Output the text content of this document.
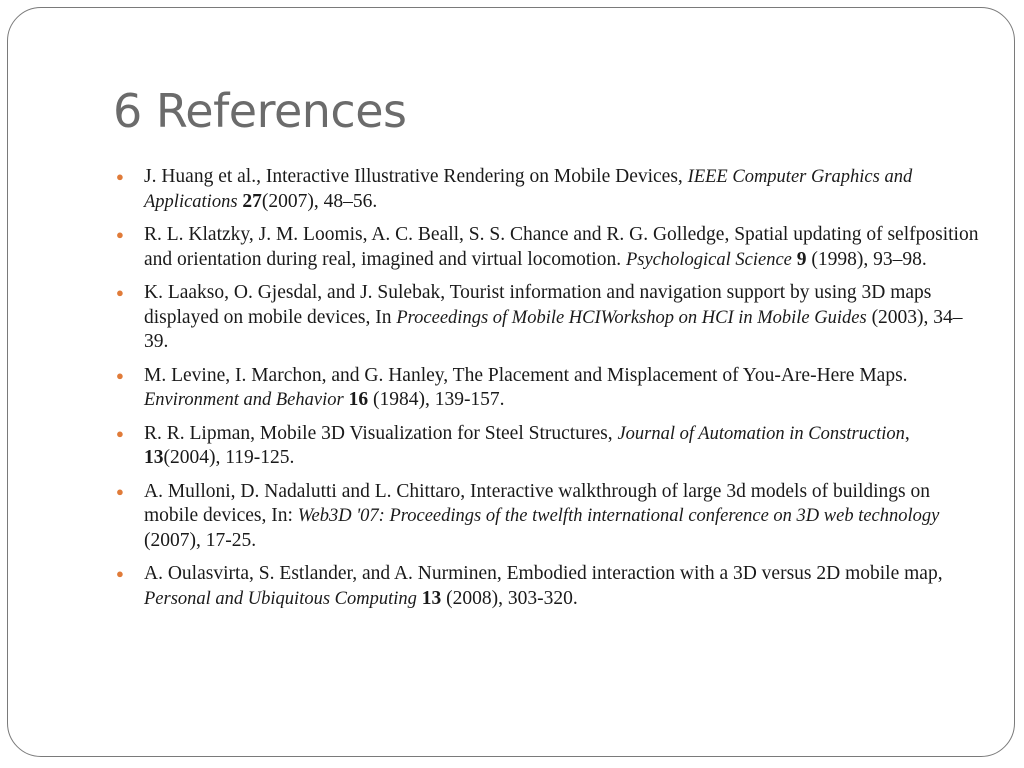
6 References
● J. Huang et al., Interactive Illustrative Rendering on Mobile Devices, IEEE Computer Graphics and Applications 27(2007), 48–56.
● R. L. Klatzky, J. M. Loomis, A. C. Beall, S. S. Chance and R. G. Golledge, Spatial updating of selfposition and orientation during real, imagined and virtual locomotion. Psychological Science 9 (1998), 93–98.
● K. Laakso, O. Gjesdal, and J. Sulebak, Tourist information and navigation support by using 3D maps displayed on mobile devices, In Proceedings of Mobile HCIWorkshop on HCI in Mobile Guides (2003), 34–39.
● M. Levine, I. Marchon, and G. Hanley, The Placement and Misplacement of You-Are-Here Maps. Environment and Behavior 16 (1984), 139-157.
● R. R. Lipman, Mobile 3D Visualization for Steel Structures, Journal of Automation in Construction, 13(2004), 119-125.
● A. Mulloni, D. Nadalutti and L. Chittaro, Interactive walkthrough of large 3d models of buildings on mobile devices, In: Web3D '07: Proceedings of the twelfth international conference on 3D web technology (2007), 17-25.
● A. Oulasvirta, S. Estlander, and A. Nurminen, Embodied interaction with a 3D versus 2D mobile map, Personal and Ubiquitous Computing 13 (2008), 303-320.
